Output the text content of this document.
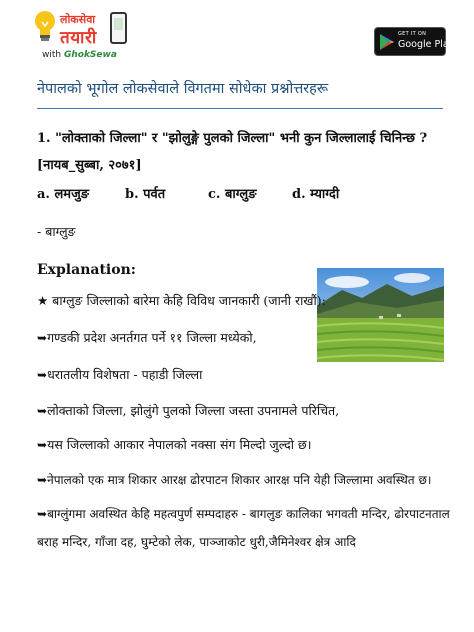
लोकसेवा
तयारी
with GhokSewa
GET IT ON
Google Play
नेपालको भूगोल लोकसेवाले विगतमा सोधेका प्रश्नोत्तरहरू
1. "लोक्ताको जिल्ला" र "झोलुङ्गे पुलको जिल्ला" भनी कुन जिल्लालाई चिनिन्छ ?
[नायब_सुब्बा, २०७१]
a. लमजुङ	b. पर्वत	c. बाग्लुङ	d. म्याग्दी
- बाग्लुङ
Explanation:
★ बाग्लुङ जिल्लाको बारेमा केहि विविध जानकारी (जानी राखौं):
➥गण्डकी प्रदेश अनर्तगत पर्ने ११ जिल्ला मध्येको,
➥धरातलीय विशेषता - पहाडी जिल्ला
➥लोक्ताको जिल्ला, झोलुंगे पुलको जिल्ला जस्ता उपनामले परिचित,
➥यस जिल्लाको आकार नेपालको नक्सा संग मिल्दो जुल्दो छ।
➥नेपालको एक मात्र शिकार आरक्ष ढोरपाटन शिकार आरक्ष पनि येही जिल्लामा अवस्थित छ।
➥बाग्लुंगमा अवस्थित केहि महत्वपुर्ण सम्पदाहरु - बागलुङ कालिका भगवती मन्दिर, ढोरपाटनताल
बराह मन्दिर, गाँजा दह, घुम्टेको लेक, पाञ्जाकोट धुरी,जैमिनेश्वर क्षेत्र आदि
